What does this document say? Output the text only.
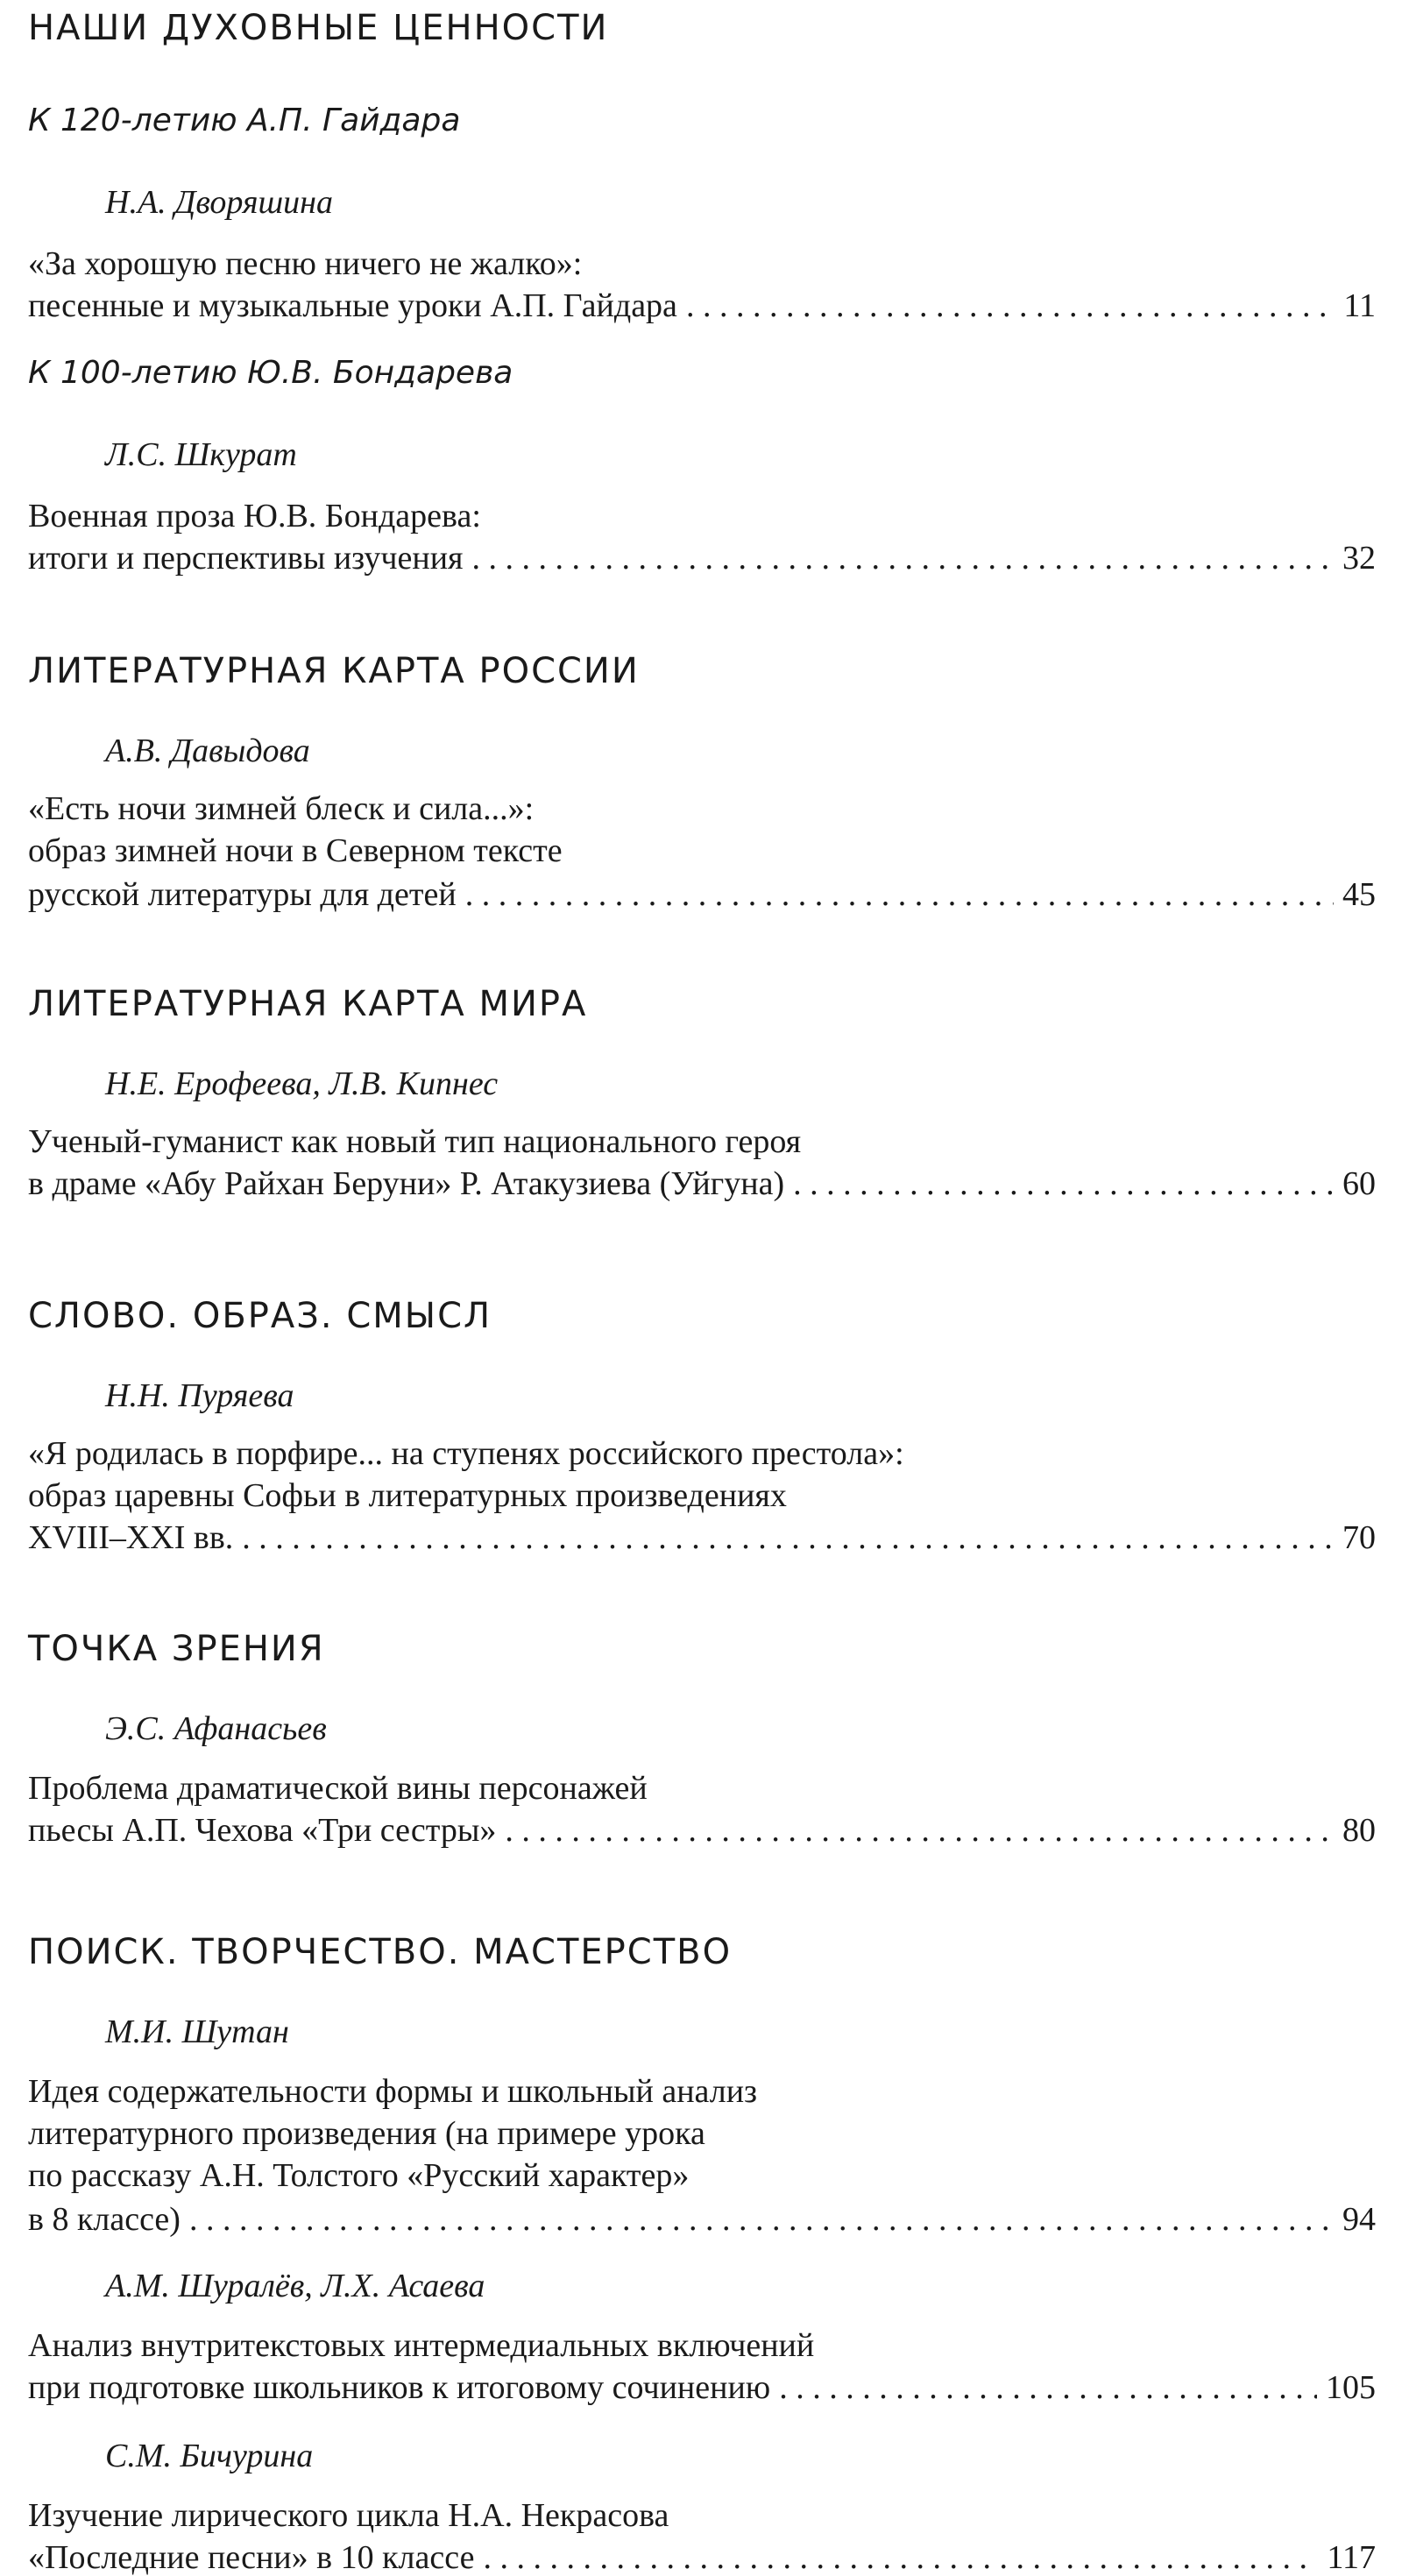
НАШИ ДУХОВНЫЕ ЦЕННОСТИ
К 120-летию А.П. Гайдара
Н.А. Дворяшина
«За хорошую песню ничего не жалко»:
песенные и музыкальные уроки А.П. Гайдара . . .	11
К 100-летию Ю.В. Бондарева
Л.С. Шкурат
Военная проза Ю.В. Бондарева:
итоги и перспективы изучения . . .	32
ЛИТЕРАТУРНАЯ КАРТА РОССИИ
А.В. Давыдова
«Есть ночи зимней блеск и сила...»:
образ зимней ночи в Северном тексте
русской литературы для детей . . .	45
ЛИТЕРАТУРНАЯ КАРТА МИРА
Н.Е. Ерофеева, Л.В. Кипнес
Ученый-гуманист как новый тип национального героя
в драме «Абу Райхан Беруни» Р. Атакузиева (Уйгуна) . . .	60
СЛОВО. ОБРАЗ. СМЫСЛ
Н.Н. Пуряева
«Я родилась в порфире... на ступенях российского престола»:
образ царевны Софьи в литературных произведениях
XVIII–XXI вв. . . .	70
ТОЧКА ЗРЕНИЯ
Э.С. Афанасьев
Проблема драматической вины персонажей
пьесы А.П. Чехова «Три сестры» . . .	80
ПОИСК. ТВОРЧЕСТВО. МАСТЕРСТВО
М.И. Шутан
Идея содержательности формы и школьный анализ
литературного произведения (на примере урока
по рассказу А.Н. Толстого «Русский характер»
в 8 классе) . . .	94
А.М. Шуралёв, Л.Х. Асаева
Анализ внутритекстовых интермедиальных включений
при подготовке школьников к итоговому сочинению . . .	105
С.М. Бичурина
Изучение лирического цикла Н.А. Некрасова
«Последние песни» в 10 классе . . .	117
